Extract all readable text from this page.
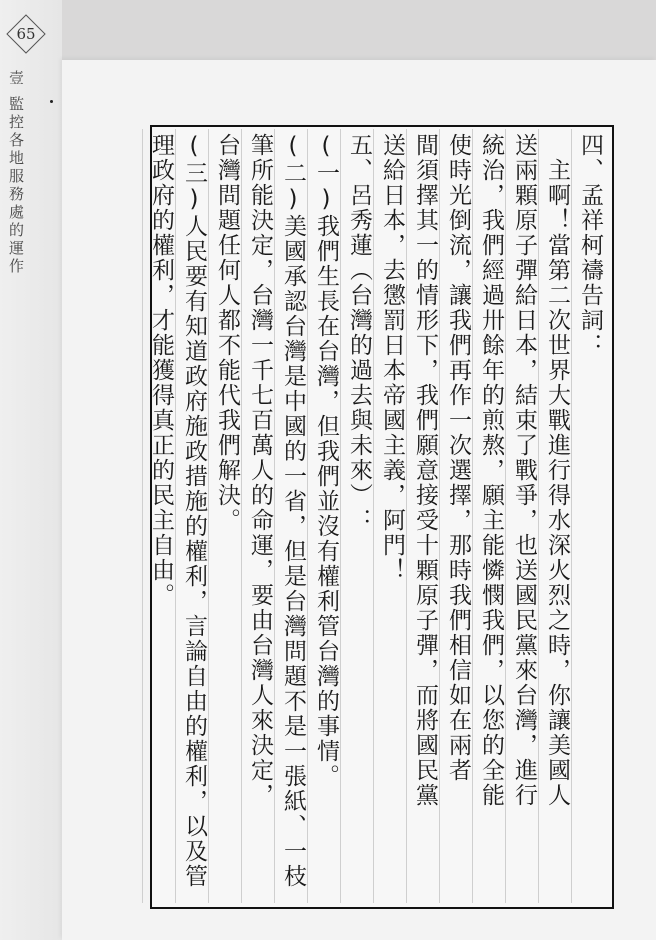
65
壹
監控各地服務處的運作	四、孟祥柯禱告詞：
　主啊！當第二次世界大戰進行得水深火烈之時，你讓美國人
送兩顆原子彈給日本，結束了戰爭，也送國民黨來台灣，進行
統治，我們經過卅餘年的煎熬，願主能憐憫我們，以您的全能
使時光倒流，讓我們再作一次選擇，那時我們相信如在兩者
間須擇其一的情形下，我們願意接受十顆原子彈，而將國民黨
送給日本，去懲罰日本帝國主義，阿門！
五、呂秀蓮（台灣的過去與未來）：
(一)我們生長在台灣，但我們並沒有權利管台灣的事情。
(二)美國承認台灣是中國的一省，但是台灣問題不是一張紙、一枝
筆所能決定，台灣一千七百萬人的命運，要由台灣人來決定，
台灣問題任何人都不能代我們解決。
(三)人民要有知道政府施政措施的權利，言論自由的權利，以及管
理政府的權利，才能獲得真正的民主自由。
